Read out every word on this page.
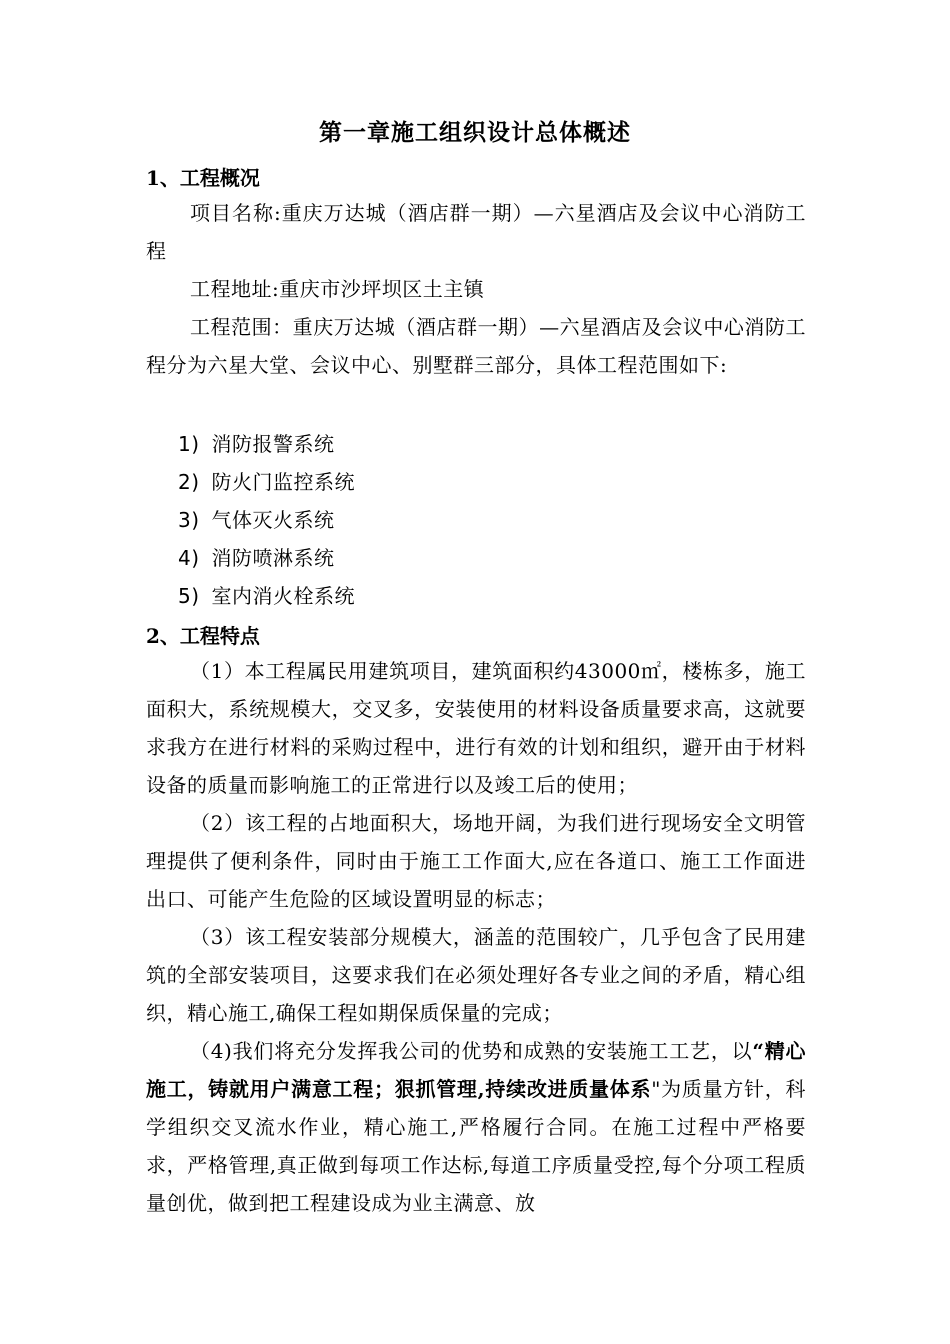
第一章施工组织设计总体概述
1、工程概况

项目名称:重庆万达城（酒店群一期）—六星酒店及会议中心消防工程

工程地址:重庆市沙坪坝区土主镇

工程范围：重庆万达城（酒店群一期）—六星酒店及会议中心消防工程分为六星大堂、会议中心、别墅群三部分，具体工程范围如下:

1) 消防报警系统
2) 防火门监控系统
3) 气体灭火系统
4) 消防喷淋系统
5) 室内消火栓系统
2、工程特点

（1）本工程属民用建筑项目，建筑面积约43000㎡，楼栋多，施工面积大，系统规模大，交叉多，安装使用的材料设备质量要求高，这就要求我方在进行材料的采购过程中，进行有效的计划和组织，避开由于材料设备的质量而影响施工的正常进行以及竣工后的使用；

（2）该工程的占地面积大，场地开阔，为我们进行现场安全文明管理提供了便利条件，同时由于施工工作面大,应在各道口、施工工作面进出口、可能产生危险的区域设置明显的标志；

（3）该工程安装部分规模大，涵盖的范围较广，几乎包含了民用建筑的全部安装项目，这要求我们在必须处理好各专业之间的矛盾，精心组织，精心施工,确保工程如期保质保量的完成；

（4)我们将充分发挥我公司的优势和成熟的安装施工工艺，以“精心施工，铸就用户满意工程；狠抓管理,持续改进质量体系"为质量方针，科学组织交叉流水作业，精心施工,严格履行合同。在施工过程中严格要求，严格管理,真正做到每项工作达标,每道工序质量受控,每个分项工程质量创优，做到把工程建设成为业主满意、放
